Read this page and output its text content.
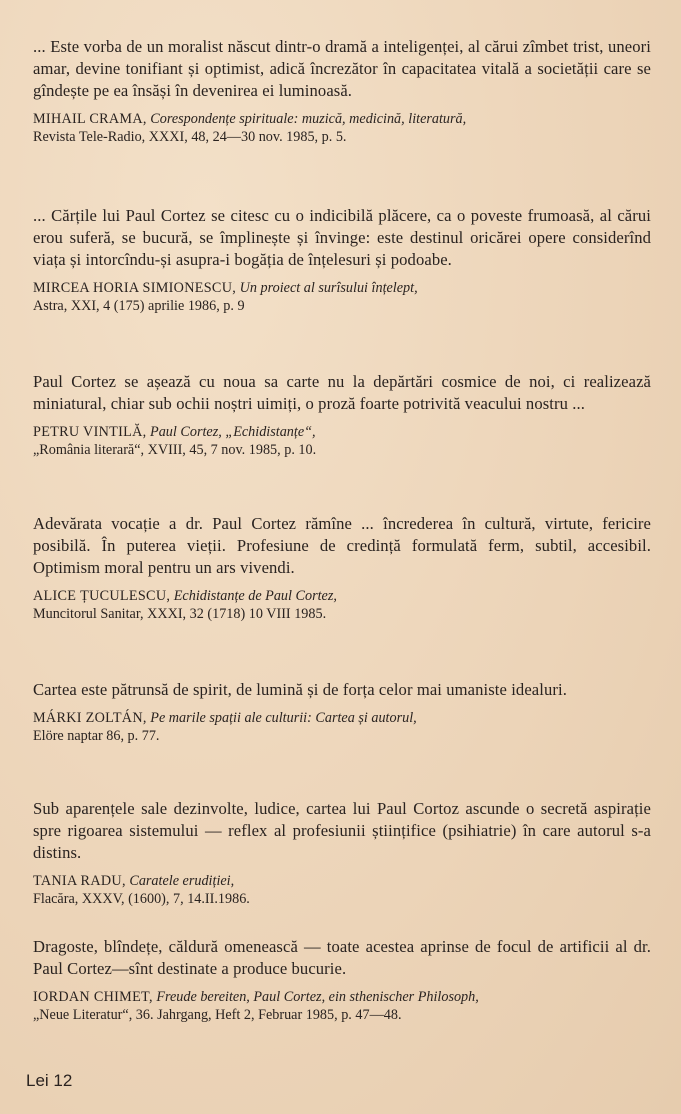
... Este vorba de un moralist născut dintr-o dramă a inteligenței, al cărui zîmbet trist, uneori amar, devine tonifiant și optimist, adică încrezător în capacitatea vitală a societății care se gîndește pe ea însăși în devenirea ei luminoasă.

MIHAIL CRAMA, Corespondențe spirituale: muzică, medicină, literatură,
Revista Tele-Radio, XXXI, 48, 24—30 nov. 1985, p. 5.

... Cărțile lui Paul Cortez se citesc cu o indicibilă plăcere, ca o poveste frumoasă, al cărui erou suferă, se bucură, se împlinește și învinge: este destinul oricărei opere considerînd viața și intorcîndu-și asupra-i bogăția de înțelesuri și podoabe.

MIRCEA HORIA SIMIONESCU, Un proiect al surîsului înțelept,
Astra, XXI, 4 (175) aprilie 1986, p. 9

Paul Cortez se așează cu noua sa carte nu la depărtări cosmice de noi, ci realizează miniatural, chiar sub ochii noștri uimiți, o proză foarte potrivită veacului nostru ...

PETRU VINTILĂ, Paul Cortez, „Echidistanțe“,
„România literară“, XVIII, 45, 7 nov. 1985, p. 10.

Adevărata vocație a dr. Paul Cortez rămîne ... încrederea în cultură, virtute, fericire posibilă. În puterea vieții. Profesiune de credință formulată ferm, subtil, accesibil. Optimism moral pentru un ars vivendi.

ALICE ȚUCULESCU, Echidistanțe de Paul Cortez,
Muncitorul Sanitar, XXXI, 32 (1718) 10 VIII 1985.

Cartea este pătrunsă de spirit, de lumină și de forța celor mai umaniste idealuri.

MÁRKI ZOLTÁN, Pe marile spații ale culturii: Cartea și autorul,
Elöre naptar 86, p. 77.

Sub aparențele sale dezinvolte, ludice, cartea lui Paul Cortoz ascunde o secretă aspirație spre rigoarea sistemului — reflex al profesiunii științifice (psihiatrie) în care autorul s-a distins.

TANIA RADU, Caratele erudiției,
Flacăra, XXXV, (1600), 7, 14.II.1986.

Dragoste, blîndețe, căldură omenească — toate acestea aprinse de focul de artificii al dr. Paul Cortez—sînt destinate a produce bucurie.

IORDAN CHIMET, Freude bereiten, Paul Cortez, ein sthenischer Philosoph,
„Neue Literatur“, 36. Jahrgang, Heft 2, Februar 1985, p. 47—48.
Lei 12
